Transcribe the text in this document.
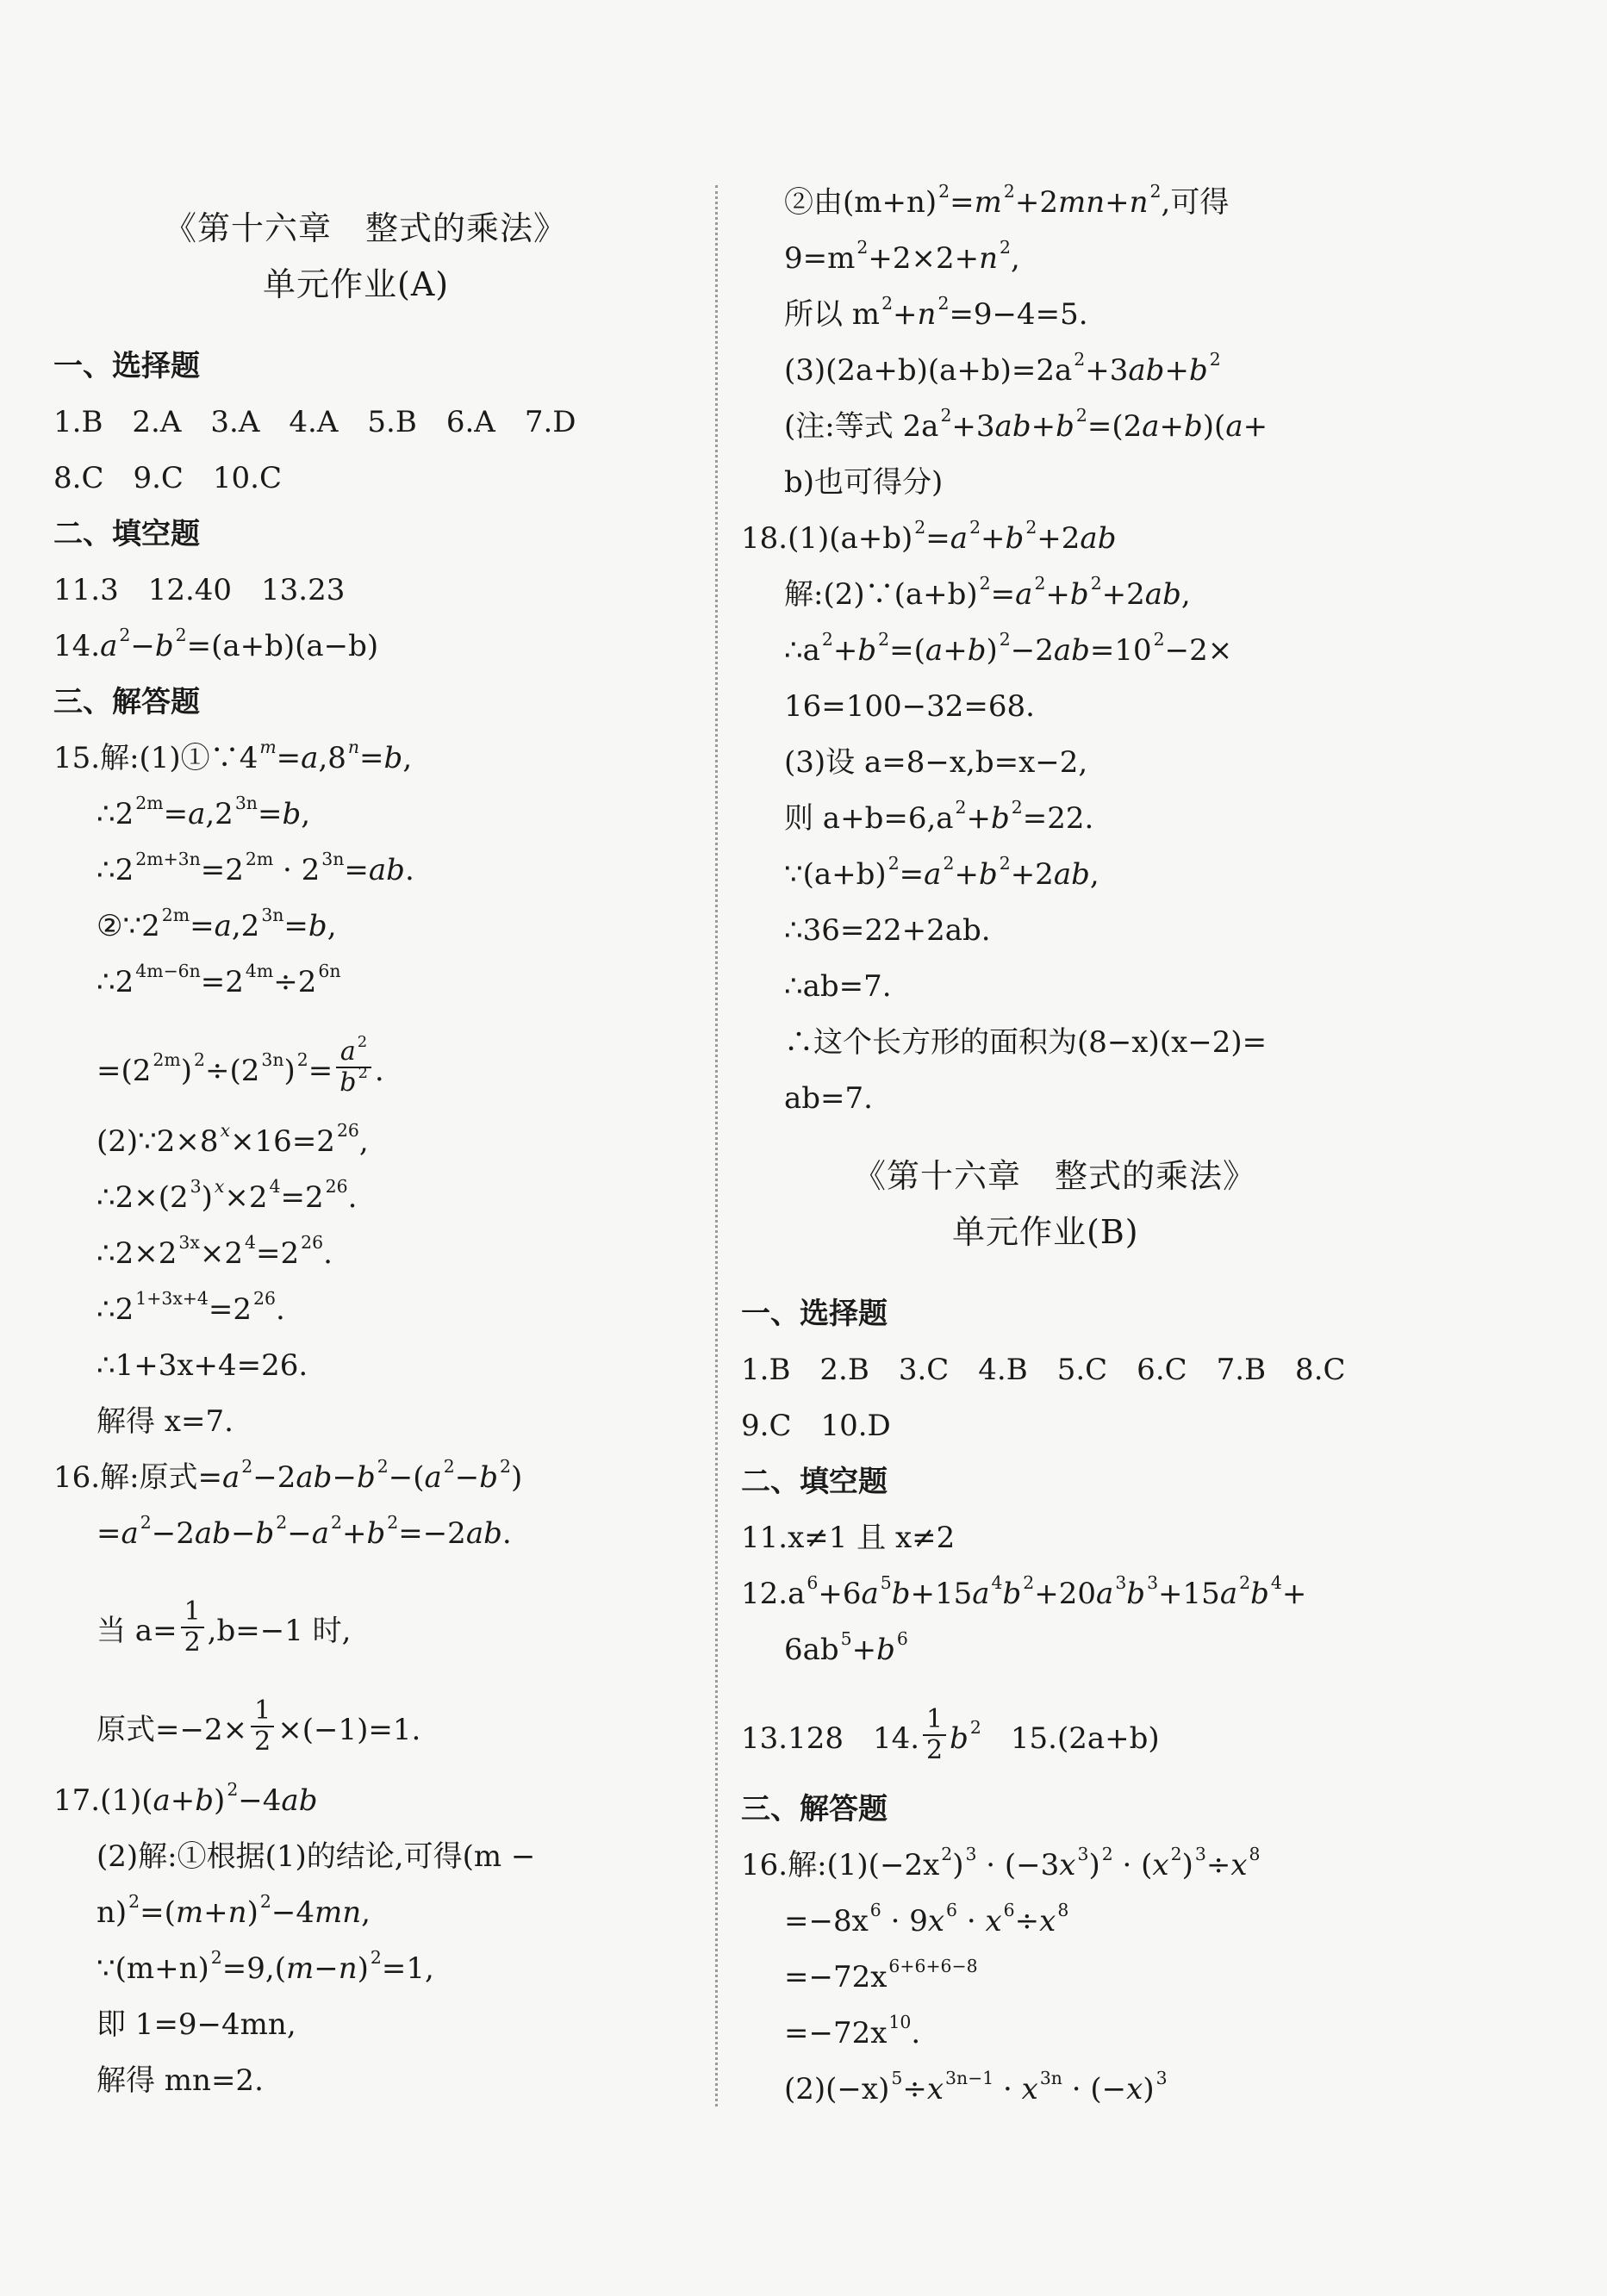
《第十六章　整式的乘法》
单元作业(A)
一、选择题
1.B　2.A　3.A　4.A　5.B　6.A　7.D
8.C　9.C　10.C
二、填空题
11.3　12.40　13.23
$14.a^2-b^2=(a+b)(a-b)$
三、解答题
15.解$:(1)①\because 4^m=a,8^n=b$,
$\therefore 2^{2m}=a,2^{3n}=b$,
$\therefore 2^{2m+3n}=2^{2m} \cdot 2^{3n}=ab$.
$②\because 2^{2m}=a,2^{3n}=b$,
$\therefore 2^{4m-6n}=2^{4m}\div 2^{6n}$
$=(2^{2m})^2\div(2^{3n})^2= \frac{a ^2}{b ^2}$ .
$(2)\because 2\times 8^x\times 16=2^{26}$,
$\therefore 2\times(2^3)^x\times 2^4=2^{26}$.
$\therefore 2\times 2^{3x}\times 2^4=2^{26}$.
$\therefore 2^{1+3x+4}=2^{26}$.
∴1+3x+4=26.
解得 x=7.
16.解:原式$=a^2-2ab-b^2-(a^2-b^2)$
$=a^2-2ab-b^2-a^2+b^2=-2ab$.
当 $a= \frac{1}{2} ,b=-1$ 时,
原式$=-2\times \frac{1}{2} \times(-1)=1$.
$17.(1)(a+b)^2-4ab$
(2)解:①根据(1)的结论,可得(m −
$n)^2=(m+n)^2-4mn$,
$\because(m+n)^2=9,(m-n)^2=1$,
即 1=9−4mn,
解得 mn=2.
②由$(m+n)^2=m^2+2mn+n^2$,可得
$9=m^2+2\times 2+n^2$,
所以 $m^2+n^2=9-4=5$.
$(3)(2a+b)(a+b)=2a^2+3ab+b^2$
(注:等式 $2a^2+3ab+b^2=(2a+b)(a+$
b)也可得分)
$18.(1)(a+b)^2=a^2+b^2+2ab$
解$:(2)\because(a+b)^2=a^2+b^2+2ab$,
$\therefore a^2+b^2=(a+b)^2-2ab=10^2-2\times$
16=100−32=68.
(3)设 a=8−x,b=x−2,
则 $a+b=6,a^2+b^2=22$.
$\because(a+b)^2=a^2+b^2+2ab$,
∴36=22+2ab.
∴ab=7.
∴这个长方形的面积为(8−x)(x−2)=
ab=7.
《第十六章　整式的乘法》
单元作业(B)
一、选择题
1.B　2.B　3.C　4.B　5.C　6.C　7.B　8.C
9.C　10.D
二、填空题
11.x≠1 且 x≠2
$12.a^6+6a^5b+15a^4b^2+20a^3b^3+15a^2b^4+$
$6ab^5+b^6$
13.128　14. $\frac{1}{2} b^2$　 15.(2a+b)
三、解答题
16.解$:(1)(-2x^2)^3 \cdot (-3x^3)^2 \cdot (x^2)^3\div x^8$
$=-8x^6 \cdot 9x^6 \cdot x^6\div x^8$
$=-72x^{6+6+6-8}$
$=-72x^{10}$.
$(2)(-x)^5\div x^{3n-1} \cdot x^{3n} \cdot (-x)^3$
